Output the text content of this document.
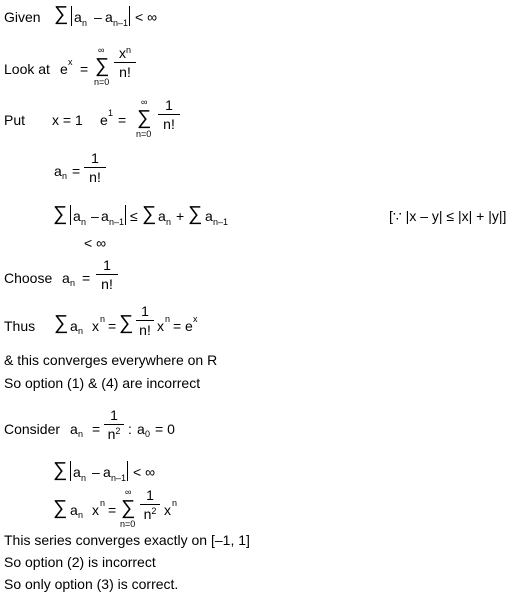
Given ∑ a n – a n–1 < ∞
Look at e x =
∞
∑
n=0
$x^n$
n!
Put x = 1 e 1 =
∞
∑
n=0
1
n!
a n =
1
n!
∑ a n – a n–1 ≤ ∑ a n + ∑ a n–1	[∵ |x – y| ≤ |x| + |y|]
< ∞
Choose a n =
1
n!
Thus ∑ a n x n = ∑
1
n! x n = e x
& this converges everywhere on R
So option (1) & (4) are incorrect
Consider a n =
1
$n^2$ : a 0 = 0
∑ a n – a n–1 < ∞
∑ a n x n =
∞
∑
n=0
1
$n^2$ x n
This series converges exactly on [–1, 1]
So option (2) is incorrect
So only option (3) is correct.
